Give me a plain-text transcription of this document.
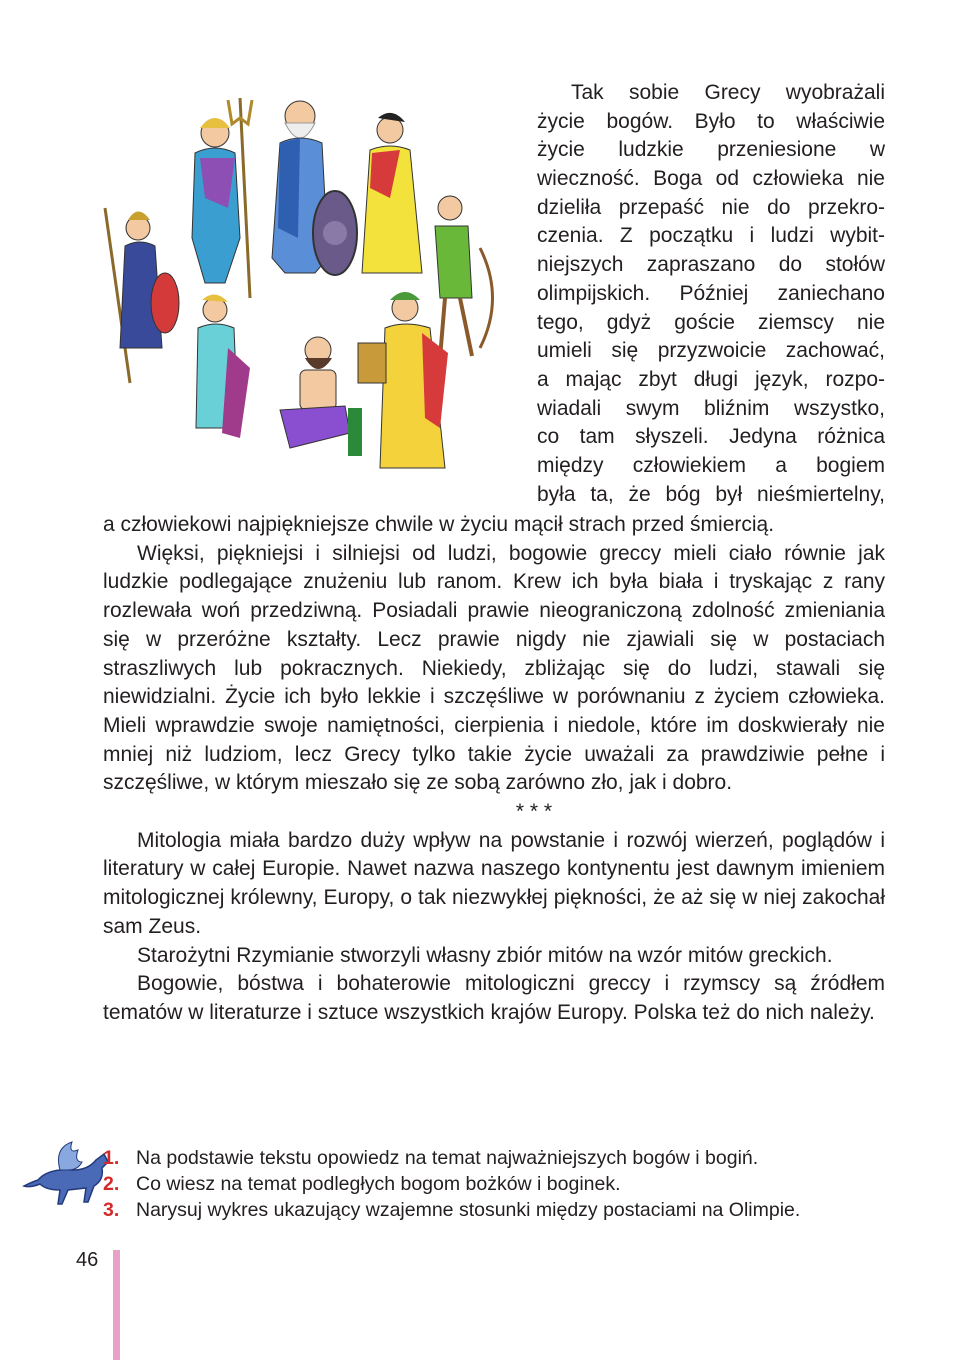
Tak sobie Grecy wyobrażali
życie bogów. Było to właściwie
życie ludzkie przeniesione w
wieczność. Boga od człowieka nie
dzieliła przepaść nie do przekro-
czenia. Z początku i ludzi wybit-
niejszych zapraszano do stołów
olimpijskich. Później zaniechano
tego, gdyż goście ziemscy nie
umieli się przyzwoicie zachować,
a mając zbyt długi język, rozpo-
wiadali swym bliźnim wszystko,
co tam słyszeli. Jedyna różnica
między człowiekiem a bogiem
była ta, że bóg był nieśmiertelny,

a człowiekowi najpiękniejsze chwile w życiu mącił strach przed śmiercią.

Więksi, piękniejsi i silniejsi od ludzi, bogowie greccy mieli ciało równie jak ludzkie podlegające znużeniu lub ranom. Krew ich była biała i tryskając z rany rozlewała woń przedziwną. Posiadali prawie nieograniczoną zdolność zmieniania się w przeróżne kształty. Lecz prawie nigdy nie zjawiali się w postaciach straszliwych lub pokracznych. Niekiedy, zbliżając się do ludzi, stawali się niewidzialni. Życie ich było lekkie i szczęśliwe w porównaniu z życiem człowieka. Mieli wprawdzie swoje namiętności, cierpienia i niedole, które im doskwierały nie mniej niż ludziom, lecz Grecy tylko takie życie uważali za prawdziwie pełne i szczęśliwe, w którym mieszało się ze sobą zarówno zło, jak i dobro.

* * *

Mitologia miała bardzo duży wpływ na powstanie i rozwój wierzeń, poglądów i literatury w całej Europie. Nawet nazwa naszego kontynentu jest dawnym imieniem mitologicznej królewny, Europy, o tak niezwykłej piękności, że aż się w niej zakochał sam Zeus.

Starożytni Rzymianie stworzyli własny zbiór mitów na wzór mitów greckich.

Bogowie, bóstwa i bohaterowie mitologiczni greccy i rzymscy są źródłem tematów w literaturze i sztuce wszystkich krajów Europy. Polska też do nich należy.

1. Na podstawie tekstu opowiedz na temat najważniejszych bogów i bogiń.
2. Co wiesz na temat podległych bogom bożków i boginek.
3. Narysuj wykres ukazujący wzajemne stosunki między postaciami na Olimpie.
46
